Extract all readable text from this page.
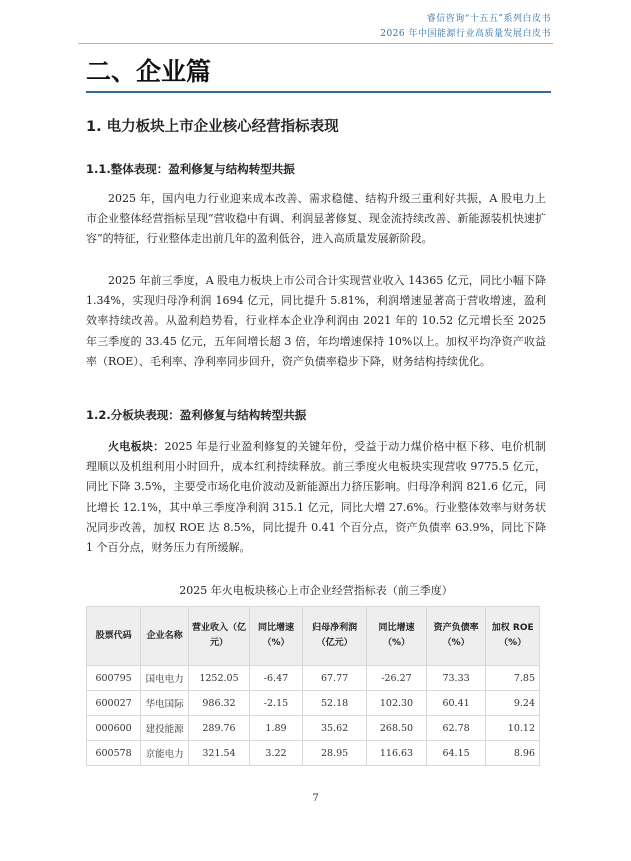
睿信咨询“十五五”系列白皮书
2026 年中国能源行业高质量发展白皮书
二、企业篇
1. 电力板块上市企业核心经营指标表现
1.1.整体表现：盈利修复与结构转型共振
2025 年，国内电力行业迎来成本改善、需求稳健、结构升级三重利好共振，A 股电力上市企业整体经营指标呈现“营收稳中有调、利润显著修复、现金流持续改善、新能源装机快速扩容”的特征，行业整体走出前几年的盈利低谷，进入高质量发展新阶段。
2025 年前三季度，A 股电力板块上市公司合计实现营业收入 14365 亿元，同比小幅下降 1.34%，实现归母净利润 1694 亿元，同比提升 5.81%，利润增速显著高于营收增速，盈利效率持续改善。从盈利趋势看，行业样本企业净利润由 2021 年的 10.52 亿元增长至 2025 年三季度的 33.45 亿元，五年间增长超 3 倍，年均增速保持 10%以上。加权平均净资产收益率（ROE）、毛利率、净利率同步回升，资产负债率稳步下降，财务结构持续优化。
1.2.分板块表现：盈利修复与结构转型共振
火电板块：2025 年是行业盈利修复的关键年份，受益于动力煤价格中枢下移、电价机制理顺以及机组利用小时回升，成本红利持续释放。前三季度火电板块实现营收 9775.5 亿元，同比下降 3.5%，主要受市场化电价波动及新能源出力挤压影响。归母净利润 821.6 亿元，同比增长 12.1%，其中单三季度净利润 315.1 亿元，同比大增 27.6%。行业整体效率与财务状况同步改善，加权 ROE 达 8.5%，同比提升 0.41 个百分点，资产负债率 63.9%，同比下降 1 个百分点，财务压力有所缓解。
2025 年火电板块核心上市企业经营指标表（前三季度）
股票代码	企业名称	营业收入（亿元）	同比增速（%）	归母净利润（亿元）	同比增速（%）	资产负债率（%）	加权 ROE（%）
600795	国电电力	1252.05	-6.47	67.77	-26.27	73.33	7.85
600027	华电国际	986.32	-2.15	52.18	102.30	60.41	9.24
000600	建投能源	289.76	1.89	35.62	268.50	62.78	10.12
600578	京能电力	321.54	3.22	28.95	116.63	64.15	8.96
7
